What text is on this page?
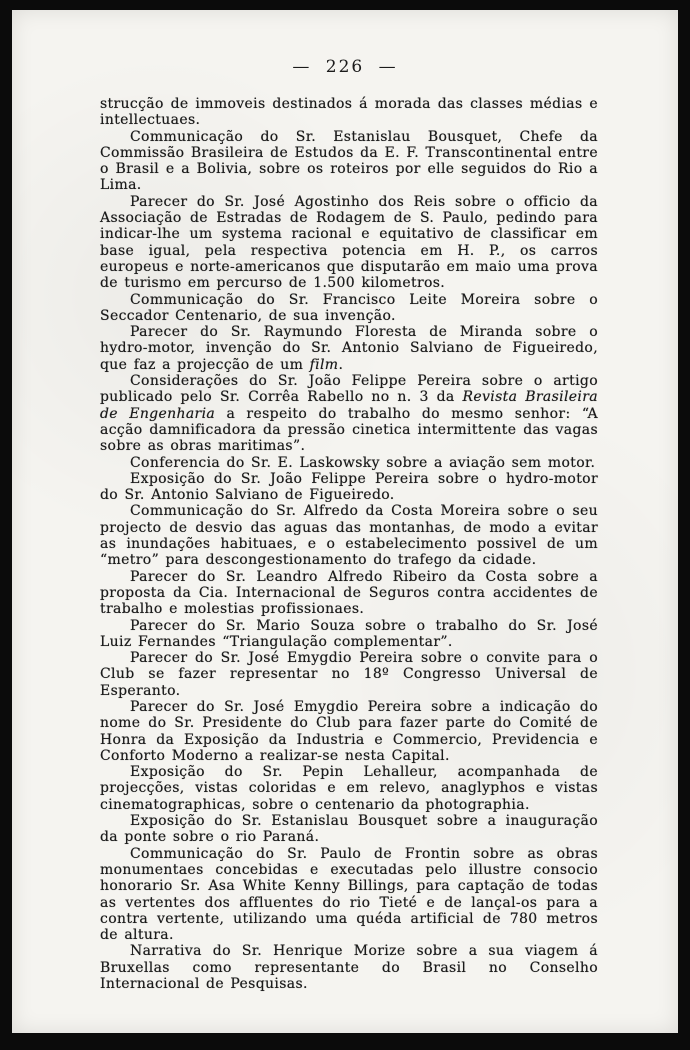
— 226 —

strucção de immoveis destinados á morada das classes médias e intellectuaes.

Communicação do Sr. Estanislau Bousquet, Chefe da Commissão Brasileira de Estudos da E. F. Transcontinental entre o Brasil e a Bolivia, sobre os roteiros por elle seguidos do Rio a Lima.

Parecer do Sr. José Agostinho dos Reis sobre o officio da Associação de Estradas de Rodagem de S. Paulo, pedindo para indicar-lhe um systema racional e equitativo de classificar em base igual, pela respectiva potencia em H. P., os carros europeus e norte-americanos que disputarão em maio uma prova de turismo em percurso de 1.500 kilometros.

Communicação do Sr. Francisco Leite Moreira sobre o Seccador Centenario, de sua invenção.

Parecer do Sr. Raymundo Floresta de Miranda sobre o hydro-motor, invenção do Sr. Antonio Salviano de Figueiredo, que faz a projecção de um film.

Considerações do Sr. João Felippe Pereira sobre o artigo publicado pelo Sr. Corrêa Rabello no n. 3 da Revista Brasileira de Engenharia a respeito do trabalho do mesmo senhor: “A acção damnificadora da pressão cinetica intermittente das vagas sobre as obras maritimas”.

Conferencia do Sr. E. Laskowsky sobre a aviação sem motor.

Exposição do Sr. João Felippe Pereira sobre o hydro-motor do Sr. Antonio Salviano de Figueiredo.

Communicação do Sr. Alfredo da Costa Moreira sobre o seu projecto de desvio das aguas das montanhas, de modo a evitar as inundações habituaes, e o estabelecimento possivel de um “metro” para descongestionamento do trafego da cidade.

Parecer do Sr. Leandro Alfredo Ribeiro da Costa sobre a proposta da Cia. Internacional de Seguros contra accidentes de trabalho e molestias profissionaes.

Parecer do Sr. Mario Souza sobre o trabalho do Sr. José Luiz Fernandes “Triangulação complementar”.

Parecer do Sr. José Emygdio Pereira sobre o convite para o Club se fazer representar no 18º Congresso Universal de Esperanto.

Parecer do Sr. José Emygdio Pereira sobre a indicação do nome do Sr. Presidente do Club para fazer parte do Comité de Honra da Exposição da Industria e Commercio, Previdencia e Conforto Moderno a realizar-se nesta Capital.

Exposição do Sr. Pepin Lehalleur, acompanhada de projecções, vistas coloridas e em relevo, anaglyphos e vistas cinematographicas, sobre o centenario da photographia.

Exposição do Sr. Estanislau Bousquet sobre a inauguração da ponte sobre o rio Paraná.

Communicação do Sr. Paulo de Frontin sobre as obras monumentaes concebidas e executadas pelo illustre consocio honorario Sr. Asa White Kenny Billings, para captação de todas as vertentes dos affluentes do rio Tieté e de lançal-os para a contra vertente, utilizando uma quéda artificial de 780 metros de altura.

Narrativa do Sr. Henrique Morize sobre a sua viagem á Bruxellas como representante do Brasil no Conselho Internacional de Pesquisas.
